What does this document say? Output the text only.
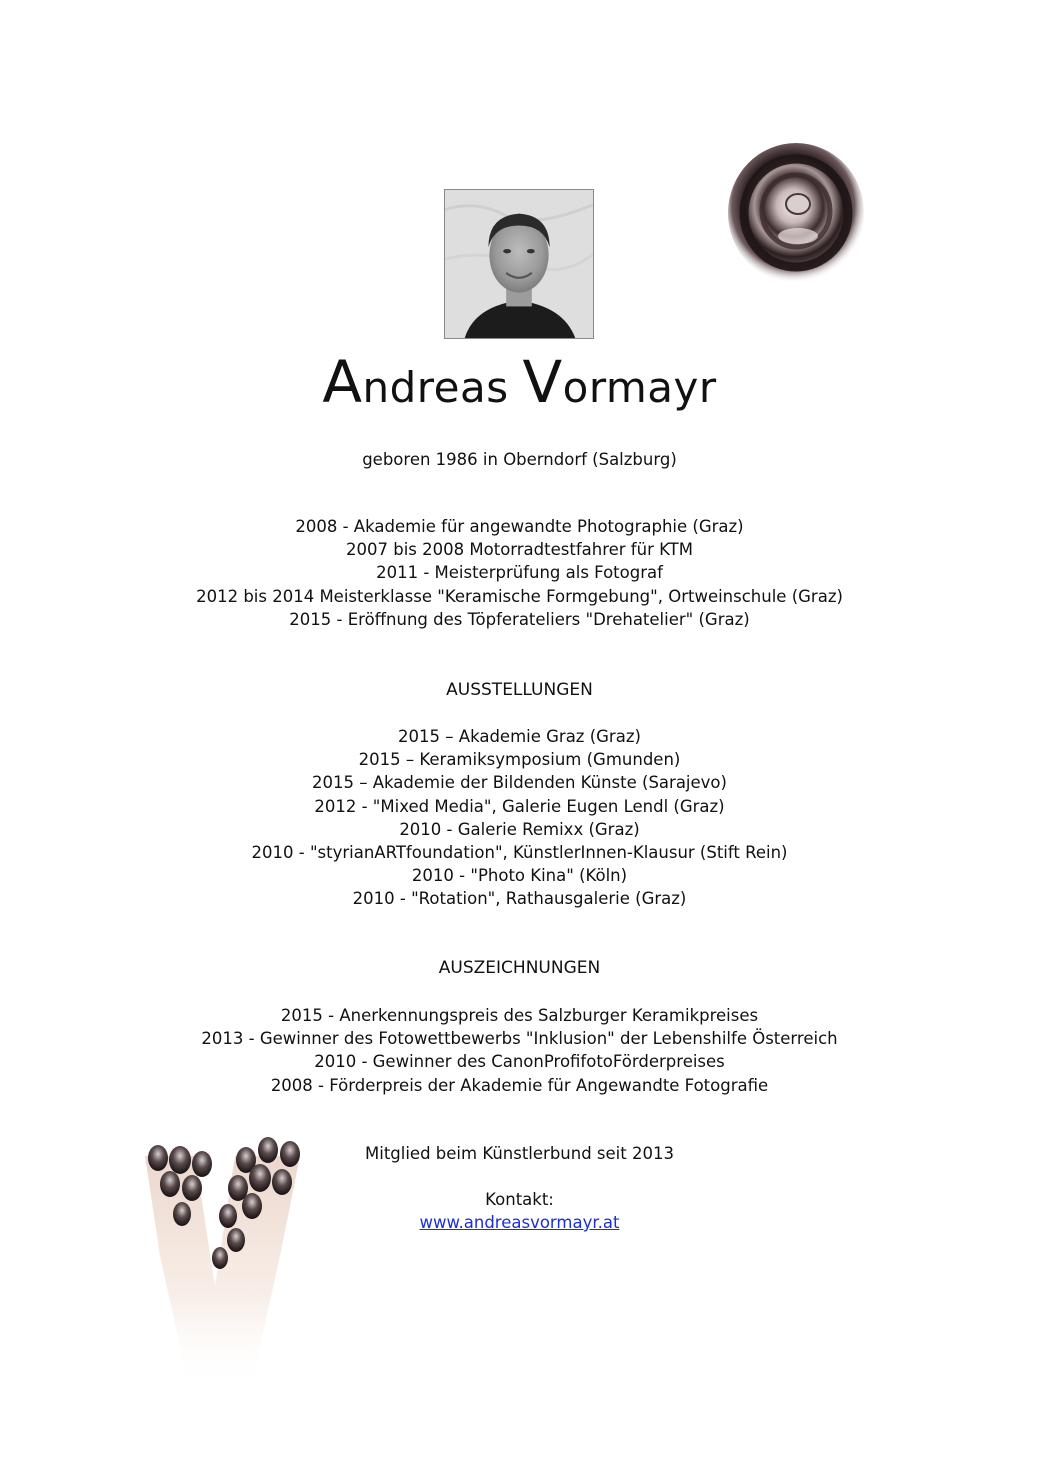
Andreas Vormayr

geboren 1986 in Oberndorf (Salzburg)

2008 - Akademie für angewandte Photographie (Graz)
2007 bis 2008 Motorradtestfahrer für KTM
2011 - Meisterprüfung als Fotograf
2012 bis 2014 Meisterklasse "Keramische Formgebung", Ortweinschule (Graz)
2015 - Eröffnung des Töpferateliers "Drehatelier" (Graz)
AUSSTELLUNGEN
2015 – Akademie Graz (Graz)
2015 – Keramiksymposium (Gmunden)
2015 – Akademie der Bildenden Künste (Sarajevo)
2012 - "Mixed Media", Galerie Eugen Lendl (Graz)
2010 - Galerie Remixx (Graz)
2010 - "styrianARTfoundation", KünstlerInnen-Klausur (Stift Rein)
2010 - "Photo Kina" (Köln)
2010 - "Rotation", Rathausgalerie (Graz)
AUSZEICHNUNGEN
2015 - Anerkennungspreis des Salzburger Keramikpreises
2013 - Gewinner des Fotowettbewerbs "Inklusion" der Lebenshilfe Österreich
2010 - Gewinner des CanonProfifotoFörderpreises
2008 - Förderpreis der Akademie für Angewandte Fotografie

Mitglied beim Künstlerbund seit 2013

Kontakt:

www.andreasvormayr.at
